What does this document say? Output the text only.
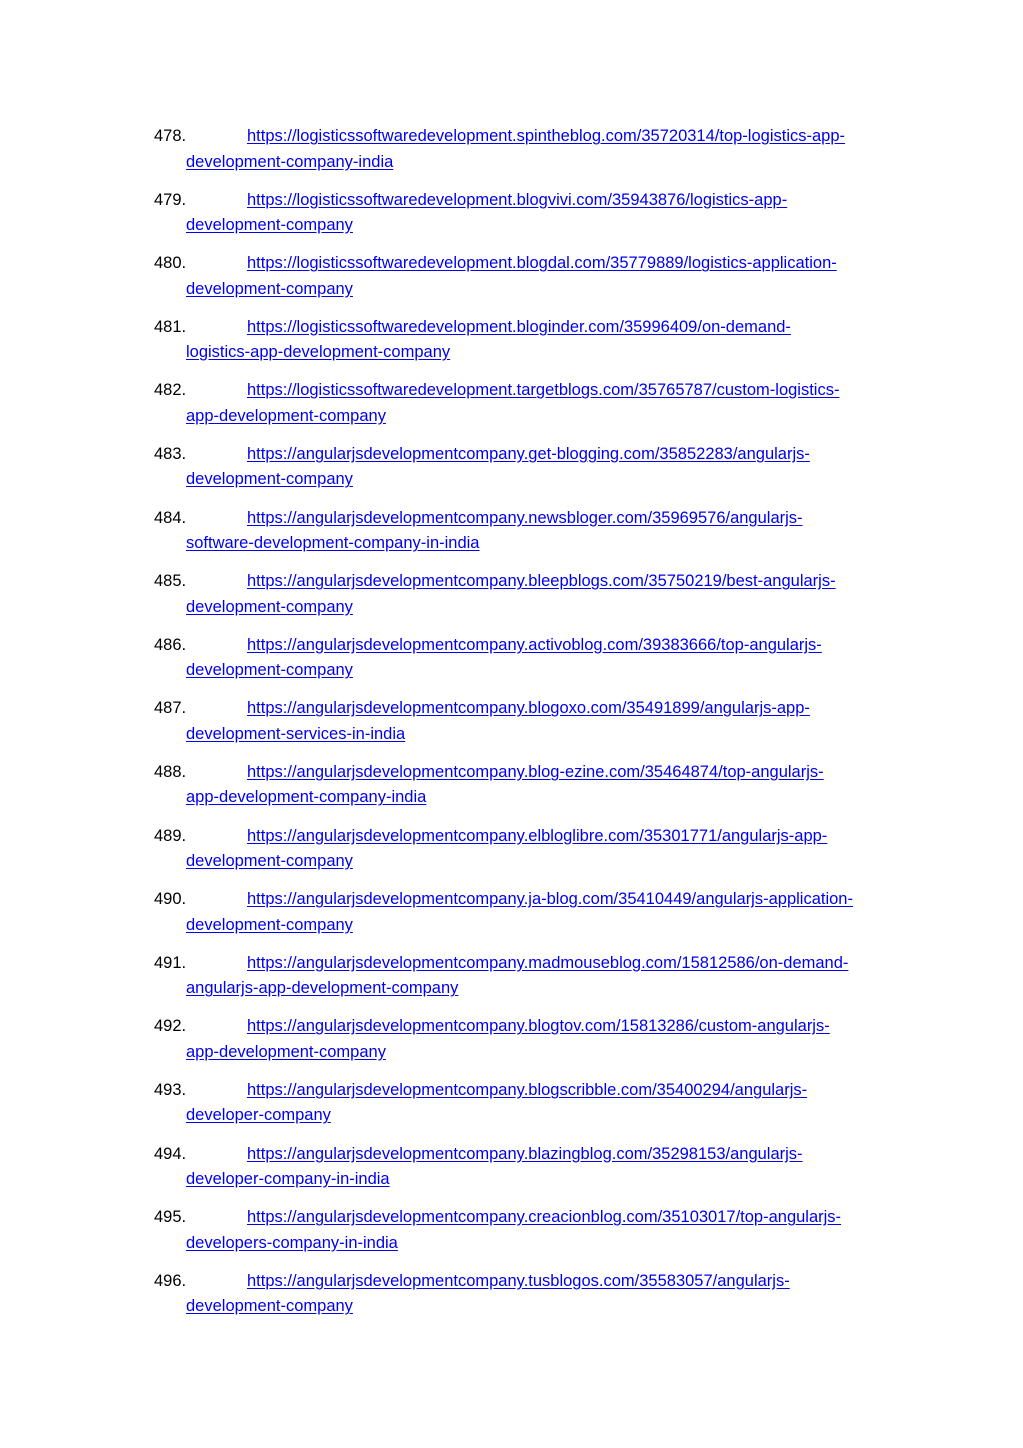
478.	https://logisticssoftwaredevelopment.spintheblog.com/35720314/top-logistics-app-
development-company-india
479.	https://logisticssoftwaredevelopment.blogvivi.com/35943876/logistics-app-
development-company
480.	https://logisticssoftwaredevelopment.blogdal.com/35779889/logistics-application-
development-company
481.	https://logisticssoftwaredevelopment.bloginder.com/35996409/on-demand-
logistics-app-development-company
482.	https://logisticssoftwaredevelopment.targetblogs.com/35765787/custom-logistics-
app-development-company
483.	https://angularjsdevelopmentcompany.get-blogging.com/35852283/angularjs-
development-company
484.	https://angularjsdevelopmentcompany.newsbloger.com/35969576/angularjs-
software-development-company-in-india
485.	https://angularjsdevelopmentcompany.bleepblogs.com/35750219/best-angularjs-
development-company
486.	https://angularjsdevelopmentcompany.activoblog.com/39383666/top-angularjs-
development-company
487.	https://angularjsdevelopmentcompany.blogoxo.com/35491899/angularjs-app-
development-services-in-india
488.	https://angularjsdevelopmentcompany.blog-ezine.com/35464874/top-angularjs-
app-development-company-india
489.	https://angularjsdevelopmentcompany.elbloglibre.com/35301771/angularjs-app-
development-company
490.	https://angularjsdevelopmentcompany.ja-blog.com/35410449/angularjs-application-
development-company
491.	https://angularjsdevelopmentcompany.madmouseblog.com/15812586/on-demand-
angularjs-app-development-company
492.	https://angularjsdevelopmentcompany.blogtov.com/15813286/custom-angularjs-
app-development-company
493.	https://angularjsdevelopmentcompany.blogscribble.com/35400294/angularjs-
developer-company
494.	https://angularjsdevelopmentcompany.blazingblog.com/35298153/angularjs-
developer-company-in-india
495.	https://angularjsdevelopmentcompany.creacionblog.com/35103017/top-angularjs-
developers-company-in-india
496.	https://angularjsdevelopmentcompany.tusblogos.com/35583057/angularjs-
development-company
